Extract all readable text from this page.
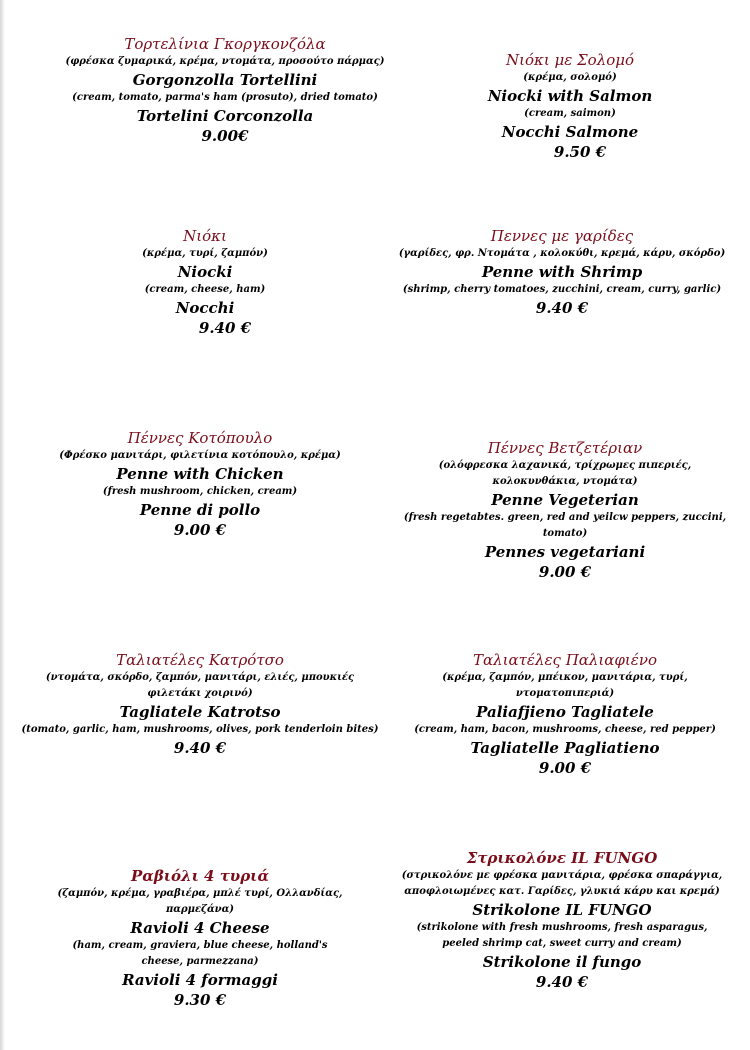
Τορτελίνια Γκοργκονζόλα
(φρέσκα ζυμαρικά, κρέμα, ντομάτα, προσούτο πάρμας)
Gorgonzolla Tortellini
(cream, tomato, parma's ham (prosuto), dried tomato)
Tortelini Corconzolla
9.00€
Νιόκι με Σολομό
(κρέμα, σολομό)
Niocki with Salmon
(cream, saimon)
Nocchi Salmone
9.50 €
Νιόκι
(κρέμα, τυρί, ζαμπόν)
Niocki
(cream, cheese, ham)
Nocchi
9.40 €
Πεννες με γαρίδες
(γαρίδες, φρ. Ντομάτα , κολοκύθι, κρεμά, κάρυ, σκόρδο)
Penne with Shrimp
(shrimp, cherry tomatoes, zucchini, cream, curry, garlic)
9.40 €
Πέννες Κοτόπουλο
(Φρέσκο μανιτάρι, φιλετίνια κοτόπουλο, κρέμα)
Penne with Chicken
(fresh mushroom, chicken, cream)
Penne di pollo
9.00 €
Πέννες Βετζετέριαν
(ολόφρεσκα λαχανικά, τρίχρωμες πιπεριές, κολοκυνθάκια, ντομάτα)
Penne Vegeterian
(fresh regetabtes. green, red and yeilcw peppers, zuccini, tomato)
Pennes vegetariani
9.00 €
Ταλιατέλες Κατρότσο
(ντομάτα, σκόρδο, ζαμπόν, μανιτάρι, ελιές, μπουκιές φιλετάκι χοιρινό)
Tagliatele Katrotso
(tomato, garlic, ham, mushrooms, olives, pork tenderloin bites)
9.40 €
Ταλιατέλες Παλιαφιένο
(κρέμα, ζαμπόν, μπέικον, μανιτάρια, τυρί, ντοματοπιπεριά)
Paliafjieno Tagliatele
(cream, ham, bacon, mushrooms, cheese, red pepper)
Tagliatelle Pagliatieno
9.00 €
Ραβιόλι 4 τυριά
(ζαμπόν, κρέμα, γραβιέρα, μπλέ τυρί, Ολλανδίας, παρμεζάνα)
Ravioli 4 Cheese
(ham, cream, graviera, blue cheese, holland's cheese, parmezzana)
Ravioli 4 formaggi
9.30 €
Στρικολόνε IL FUNGO
(στρικολόνε με φρέσκα μανιτάρια, φρέσκα σπαράγγια, αποφλοιωμένες κατ. Γαρίδες, γλυκιά κάρυ και κρεμά)
Strikolone IL FUNGO
(strikolone with fresh mushrooms, fresh asparagus, peeled shrimp cat, sweet curry and cream)
Strikolone il fungo
9.40 €
